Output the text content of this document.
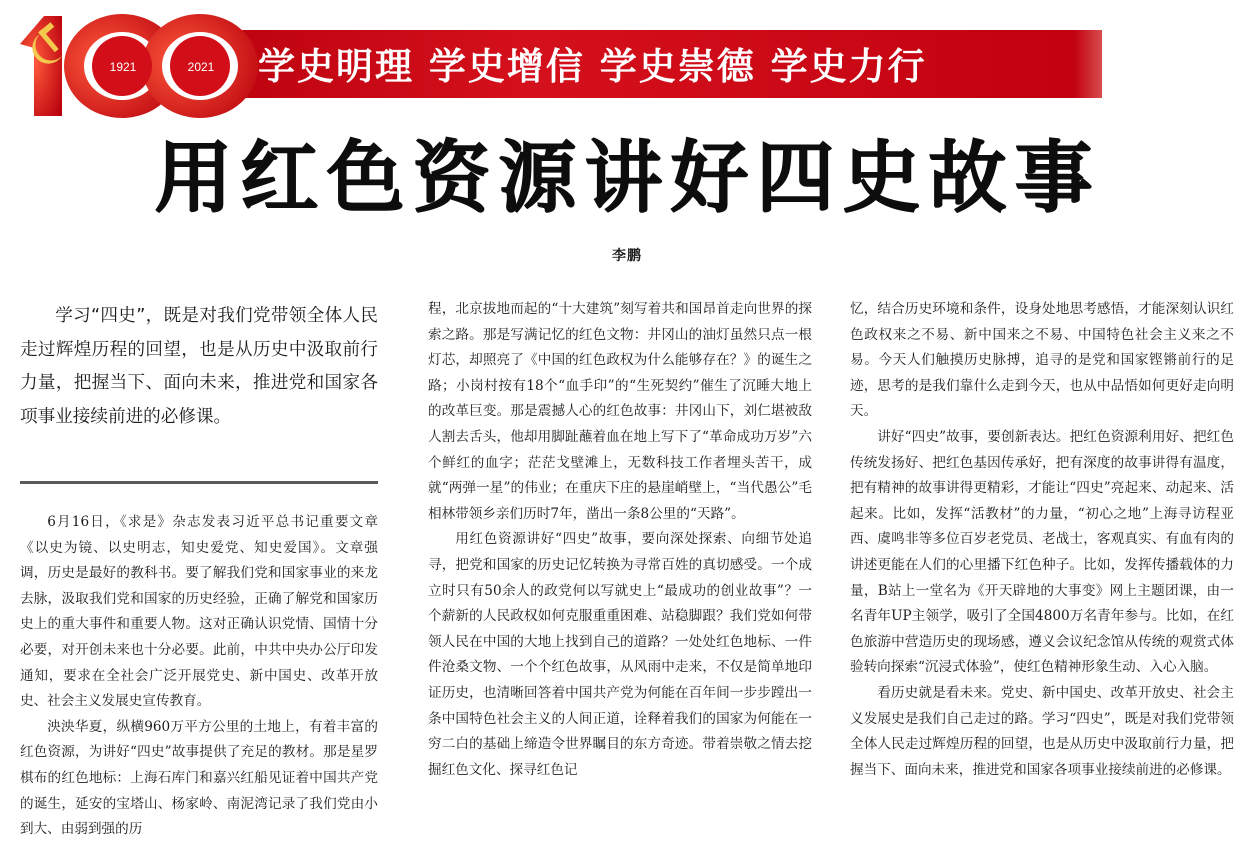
学史明理 学史增信 学史崇德 学史力行
1921	2021
用红色资源讲好四史故事
李鹏

学习“四史”，既是对我们党带领全体人民走过辉煌历程的回望，也是从历史中汲取前行力量，把握当下、面向未来，推进党和国家各项事业接续前进的必修课。

6月16日，《求是》杂志发表习近平总书记重要文章《以史为镜、以史明志，知史爱党、知史爱国》。文章强调，历史是最好的教科书。要了解我们党和国家事业的来龙去脉，汲取我们党和国家的历史经验，正确了解党和国家历史上的重大事件和重要人物。这对正确认识党情、国情十分必要，对开创未来也十分必要。此前，中共中央办公厅印发通知，要求在全社会广泛开展党史、新中国史、改革开放史、社会主义发展史宣传教育。

泱泱华夏，纵横960万平方公里的土地上，有着丰富的红色资源，为讲好“四史”故事提供了充足的教材。那是星罗棋布的红色地标：上海石库门和嘉兴红船见证着中国共产党的诞生，延安的宝塔山、杨家岭、南泥湾记录了我们党由小到大、由弱到强的历

程，北京拔地而起的“十大建筑”刻写着共和国昂首走向世界的探索之路。那是写满记忆的红色文物：井冈山的油灯虽然只点一根灯芯，却照亮了《中国的红色政权为什么能够存在？》的诞生之路；小岗村按有18个“血手印”的“生死契约”催生了沉睡大地上的改革巨变。那是震撼人心的红色故事：井冈山下，刘仁堪被敌人割去舌头，他却用脚趾蘸着血在地上写下了“革命成功万岁”六个鲜红的血字；茫茫戈壁滩上，无数科技工作者埋头苦干，成就“两弹一星”的伟业；在重庆下庄的悬崖峭壁上，“当代愚公”毛相林带领乡亲们历时7年，凿出一条8公里的“天路”。

用红色资源讲好“四史”故事，要向深处探索、向细节处追寻，把党和国家的历史记忆转换为寻常百姓的真切感受。一个成立时只有50余人的政党何以写就史上“最成功的创业故事”？一个薪新的人民政权如何克服重重困难、站稳脚跟？我们党如何带领人民在中国的大地上找到自己的道路？一处处红色地标、一件件沧桑文物、一个个红色故事，从风雨中走来，不仅是简单地印证历史，也清晰回答着中国共产党为何能在百年间一步步蹚出一条中国特色社会主义的人间正道，诠释着我们的国家为何能在一穷二白的基础上缔造令世界瞩目的东方奇迹。带着崇敬之情去挖掘红色文化、探寻红色记

忆，结合历史环境和条件，设身处地思考感悟，才能深刻认识红色政权来之不易、新中国来之不易、中国特色社会主义来之不易。今天人们触摸历史脉搏，追寻的是党和国家铿锵前行的足迹，思考的是我们靠什么走到今天，也从中品悟如何更好走向明天。

讲好“四史”故事，要创新表达。把红色资源利用好、把红色传统发扬好、把红色基因传承好，把有深度的故事讲得有温度，把有精神的故事讲得更精彩，才能让“四史”亮起来、动起来、活起来。比如，发挥“活教材”的力量，“初心之地”上海寻访程亚西、虞鸣非等多位百岁老党员、老战士，客观真实、有血有肉的讲述更能在人们的心里播下红色种子。比如，发挥传播载体的力量，B站上一堂名为《开天辟地的大事变》网上主题团课，由一名青年UP主领学，吸引了全国4800万名青年参与。比如，在红色旅游中营造历史的现场感，遵义会议纪念馆从传统的观赏式体验转向探索“沉浸式体验”，使红色精神形象生动、入心入脑。

看历史就是看未来。党史、新中国史、改革开放史、社会主义发展史是我们自己走过的路。学习“四史”，既是对我们党带领全体人民走过辉煌历程的回望，也是从历史中汲取前行力量，把握当下、面向未来，推进党和国家各项事业接续前进的必修课。
